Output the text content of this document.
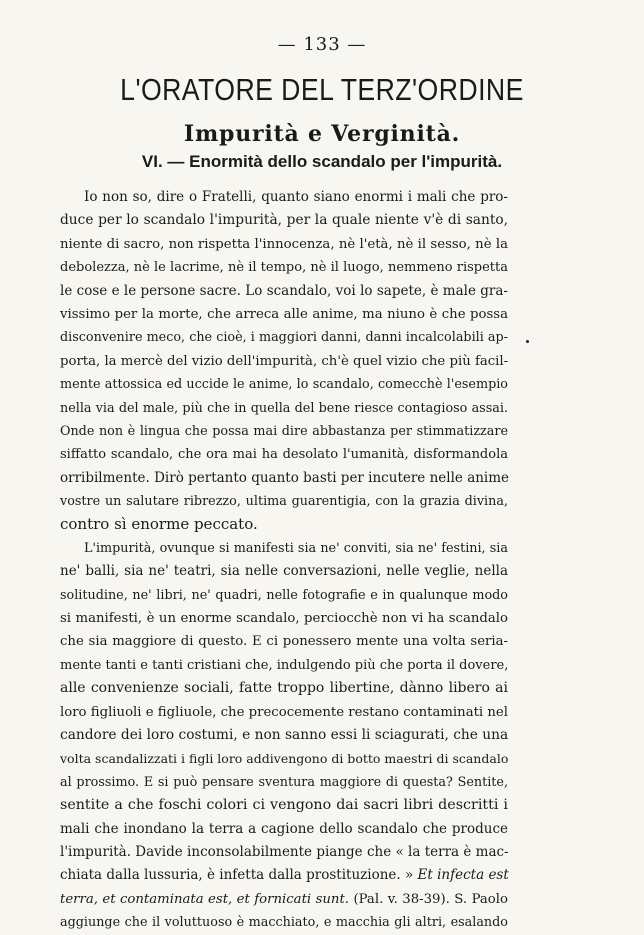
— 133 —
L'ORATORE DEL TERZ'ORDINE
Impurità e Verginità.
VI. — Enormità dello scandalo per l'impurità.
Io non so, dire o Fratelli, quanto siano enormi i mali che pro-
duce per lo scandalo l'impurità, per la quale niente v'è di santo,
niente di sacro, non rispetta l'innocenza, nè l'età, nè il sesso, nè la
debolezza, nè le lacrime, nè il tempo, nè il luogo, nemmeno rispetta
le cose e le persone sacre. Lo scandalo, voi lo sapete, è male gra-
vissimo per la morte, che arreca alle anime, ma niuno è che possa
disconvenire meco, che cioè, i maggiori danni, danni incalcolabili ap-
porta, la mercè del vizio dell'impurità, ch'è quel vizio che più facil-
mente attossica ed uccide le anime, lo scandalo, comecchè l'esempio
nella via del male, più che in quella del bene riesce contagioso assai.
Onde non è lingua che possa mai dire abbastanza per stimmatizzare
siffatto scandalo, che ora mai ha desolato l'umanità, disformandola
orribilmente. Dirò pertanto quanto basti per incutere nelle anime
vostre un salutare ribrezzo, ultima guarentigia, con la grazia divina,
contro sì enorme peccato.
L'impurità, ovunque si manifesti sia ne' conviti, sia ne' festini, sia
ne' balli, sia ne' teatri, sia nelle conversazioni, nelle veglie, nella
solitudine, ne' libri, ne' quadri, nelle fotografie e in qualunque modo
si manifesti, è un enorme scandalo, perciocchè non vi ha scandalo
che sia maggiore di questo. E ci ponessero mente una volta seria-
mente tanti e tanti cristiani che, indulgendo più che porta il dovere,
alle convenienze sociali, fatte troppo libertine, dànno libero ai
loro figliuoli e figliuole, che precocemente restano contaminati nel
candore dei loro costumi, e non sanno essi li sciagurati, che una
volta scandalizzati i figli loro addivengono di botto maestri di scandalo
al prossimo. E si può pensare sventura maggiore di questa? Sentite,
sentite a che foschi colori ci vengono dai sacri libri descritti i
mali che inondano la terra a cagione dello scandalo che produce
l'impurità. Davide inconsolabilmente piange che « la terra è mac-
chiata dalla lussuria, è infetta dalla prostituzione. » Et infecta est
terra, et contaminata est, et fornicati sunt. (Pal. v. 38-39). S. Paolo
aggiunge che il voluttuoso è macchiato, e macchia gli altri, esalando
